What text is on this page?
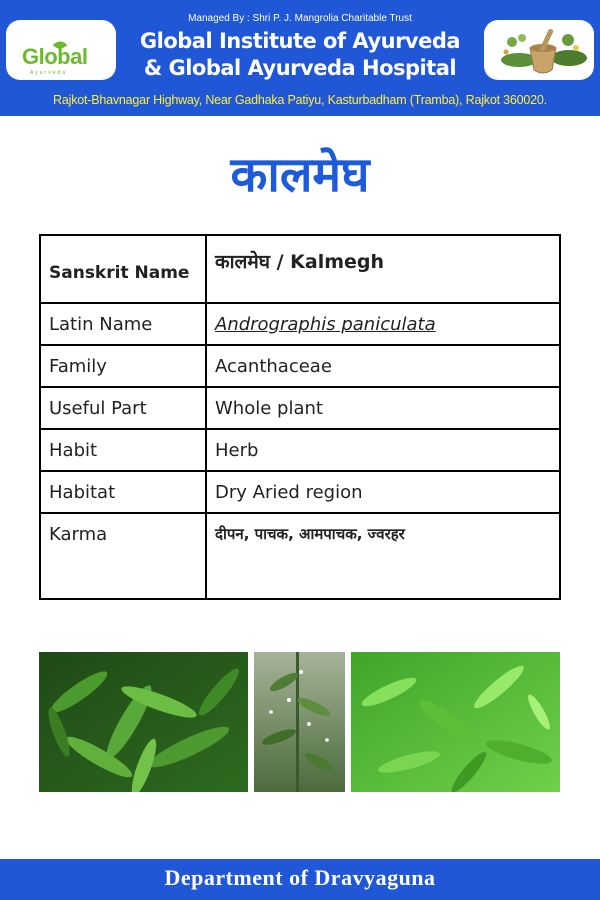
Managed By : Shri P. J. Mangrolia Charitable Trust
Global Institute of Ayurveda
& Global Ayurveda Hospital
Global
Ayurveda
Rajkot-Bhavnagar Highway, Near Gadhaka Patiyu, Kasturbadham (Tramba), Rajkot 360020.
कालमेघ
Sanskrit Name	कालमेघ / Kalmegh
Latin Name	Andrographis paniculata
Family	Acanthaceae
Useful Part	Whole plant
Habit	Herb
Habitat	Dry Aried region
Karma	दीपन, पाचक, आमपाचक, ज्वरहर
Department of Dravyaguna
